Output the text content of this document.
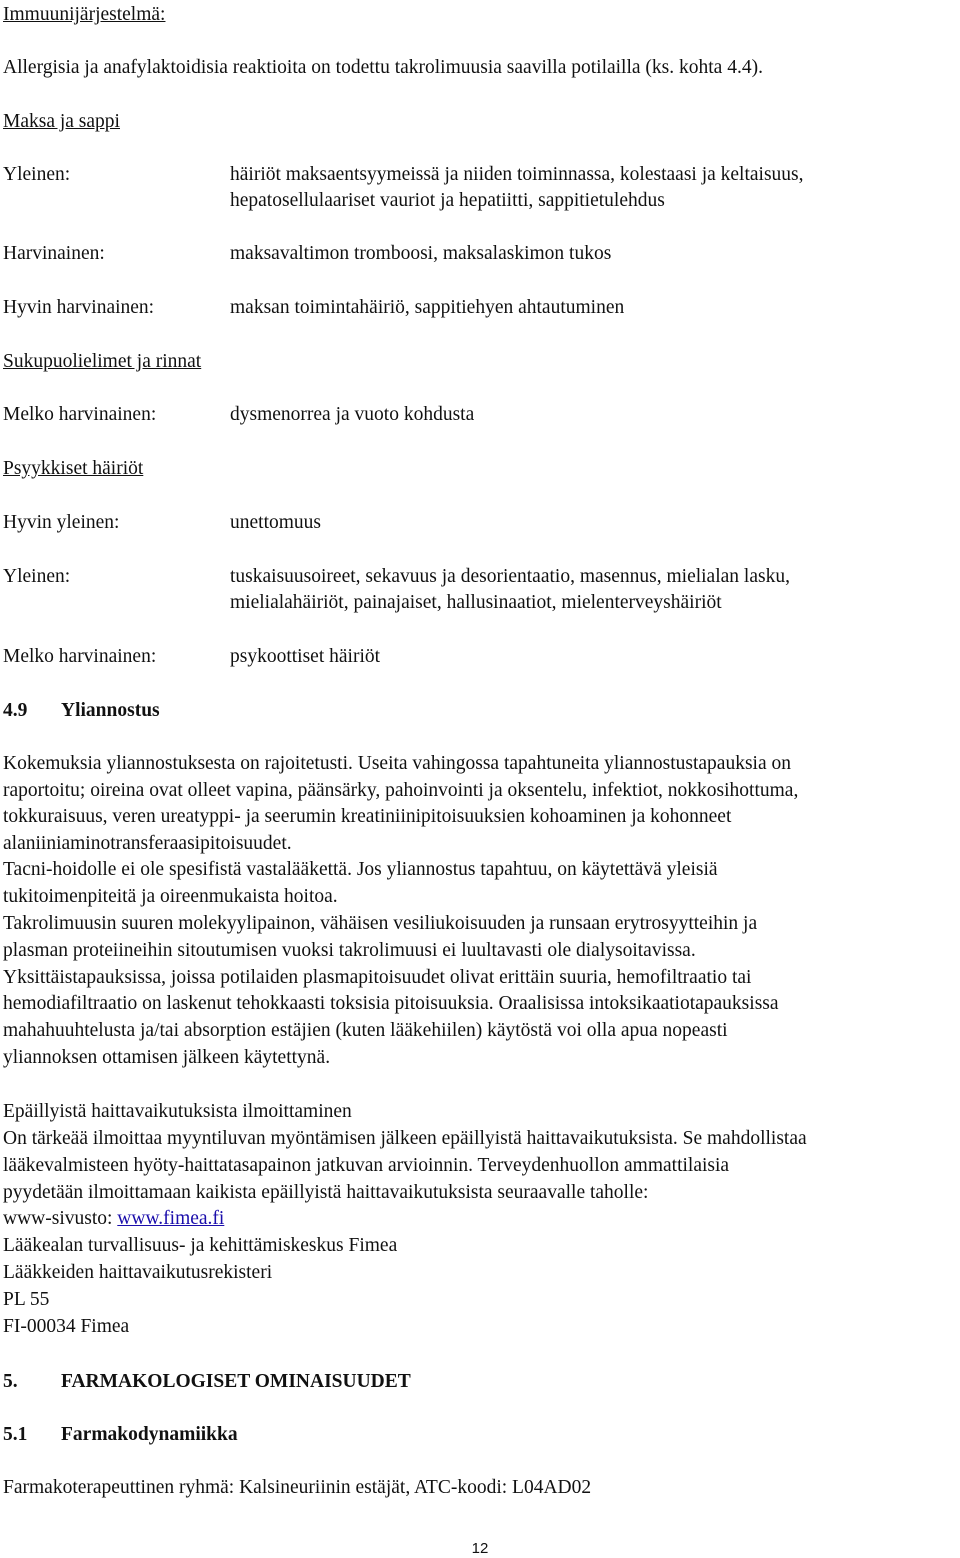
Immuunijärjestelmä:
Allergisia ja anafylaktoidisia reaktioita on todettu takrolimuusia saavilla potilailla (ks. kohta 4.4).
Maksa ja sappi
Yleinen:	häiriöt maksaentsyymeissä ja niiden toiminnassa, kolestaasi ja keltaisuus,
hepatosellulaariset vauriot ja hepatiitti, sappitietulehdus
Harvinainen:	maksavaltimon tromboosi, maksalaskimon tukos
Hyvin harvinainen:	maksan toimintahäiriö, sappitiehyen ahtautuminen
Sukupuolielimet ja rinnat
Melko harvinainen:	dysmenorrea ja vuoto kohdusta
Psyykkiset häiriöt
Hyvin yleinen:	unettomuus
Yleinen:	tuskaisuusoireet, sekavuus ja desorientaatio, masennus, mielialan lasku,
mielialahäiriöt, painajaiset, hallusinaatiot, mielenterveyshäiriöt
Melko harvinainen:	psykoottiset häiriöt
4.9 Yliannostus
Kokemuksia yliannostuksesta on rajoitetusti. Useita vahingossa tapahtuneita yliannostustapauksia on
raportoitu; oireina ovat olleet vapina, päänsärky, pahoinvointi ja oksentelu, infektiot, nokkosihottuma,
tokkuraisuus, veren ureatyppi- ja seerumin kreatiniinipitoisuuksien kohoaminen ja kohonneet
alaniiniaminotransferaasipitoisuudet.
Tacni-hoidolle ei ole spesifistä vastalääkettä. Jos yliannostus tapahtuu, on käytettävä yleisiä
tukitoimenpiteitä ja oireenmukaista hoitoa.
Takrolimuusin suuren molekyylipainon, vähäisen vesiliukoisuuden ja runsaan erytrosyytteihin ja
plasman proteiineihin sitoutumisen vuoksi takrolimuusi ei luultavasti ole dialysoitavissa.
Yksittäistapauksissa, joissa potilaiden plasmapitoisuudet olivat erittäin suuria, hemofiltraatio tai
hemodiafiltraatio on laskenut tehokkaasti toksisia pitoisuuksia. Oraalisissa intoksikaatiotapauksissa
mahahuuhtelusta ja/tai absorption estäjien (kuten lääkehiilen) käytöstä voi olla apua nopeasti
yliannoksen ottamisen jälkeen käytettynä.
Epäillyistä haittavaikutuksista ilmoittaminen
On tärkeää ilmoittaa myyntiluvan myöntämisen jälkeen epäillyistä haittavaikutuksista. Se mahdollistaa
lääkevalmisteen hyöty-haittatasapainon jatkuvan arvioinnin. Terveydenhuollon ammattilaisia
pyydetään ilmoittamaan kaikista epäillyistä haittavaikutuksista seuraavalle taholle:
www-sivusto: www.fimea.fi
Lääkealan turvallisuus- ja kehittämiskeskus Fimea
Lääkkeiden haittavaikutusrekisteri
PL 55
FI-00034 Fimea
5. FARMAKOLOGISET OMINAISUUDET
5.1 Farmakodynamiikka
Farmakoterapeuttinen ryhmä: Kalsineuriinin estäjät, ATC-koodi: L04AD02
12
